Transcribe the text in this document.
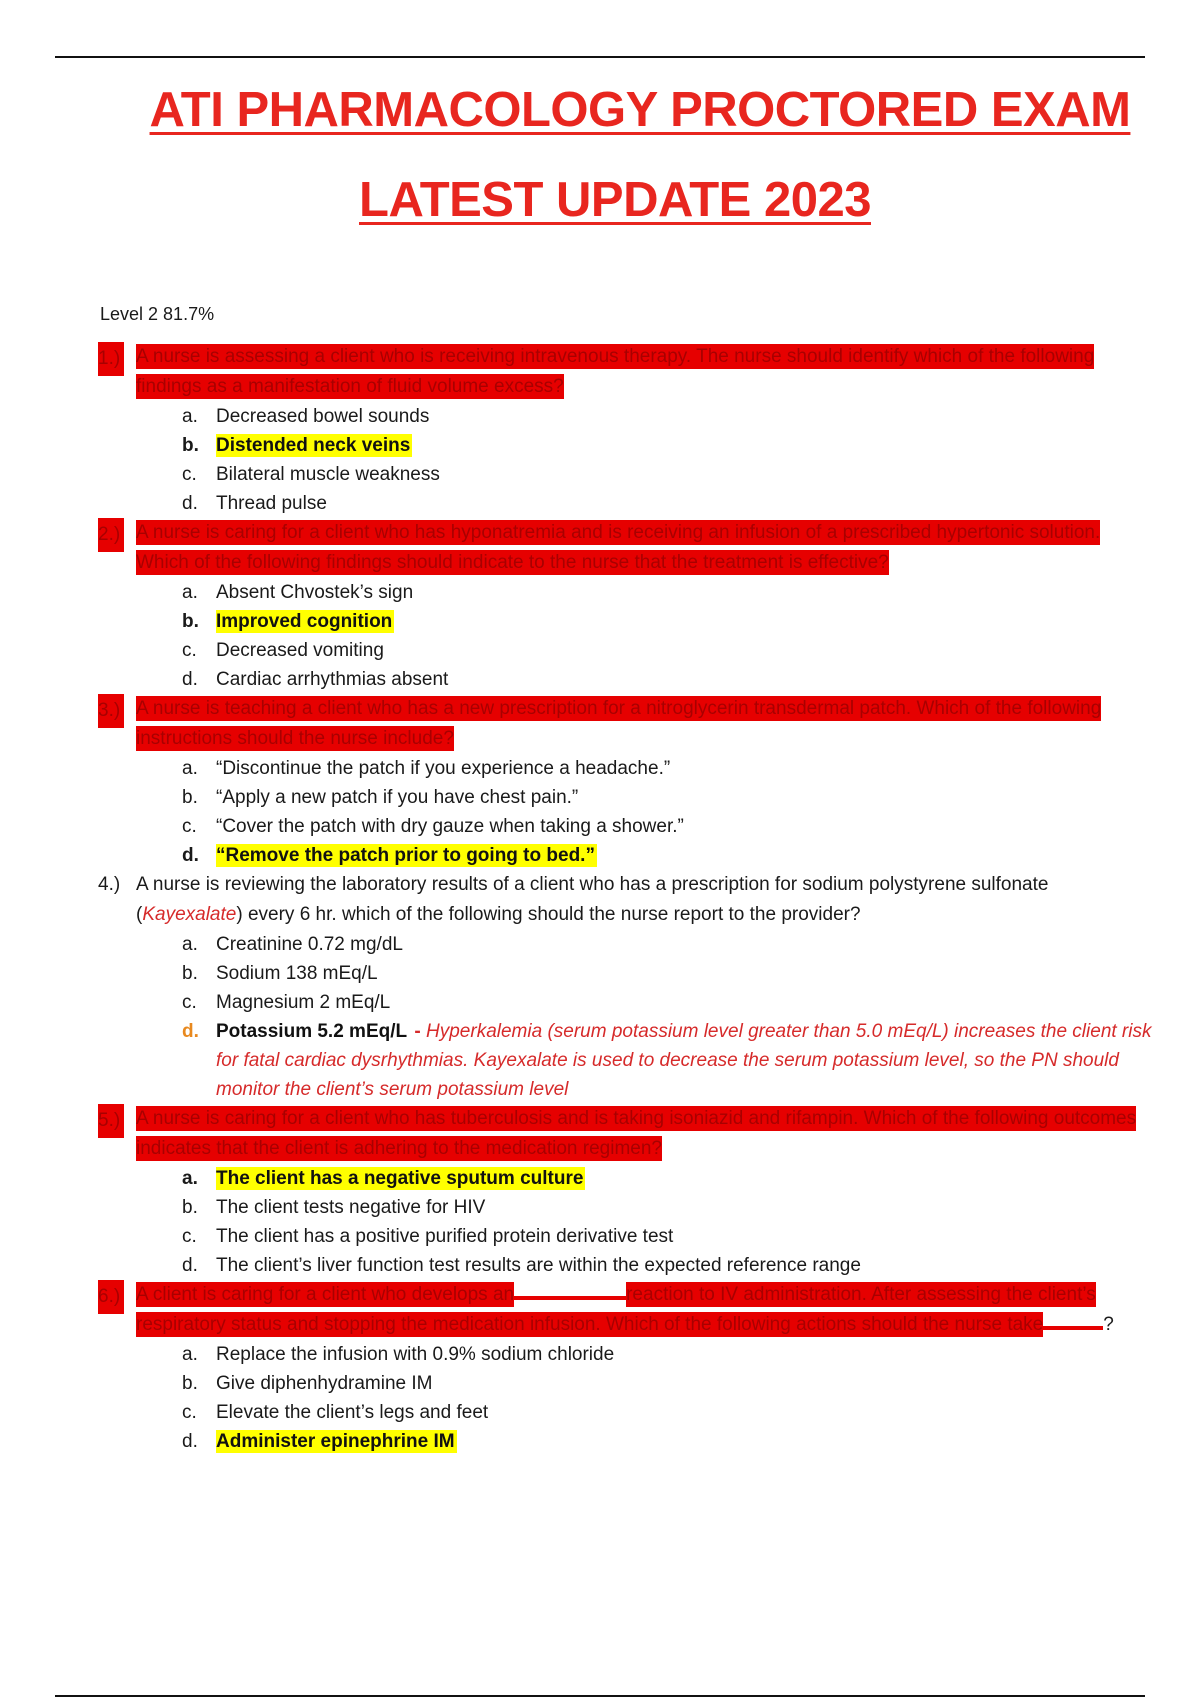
ATI PHARMACOLOGY PROCTORED EXAM
LATEST UPDATE 2023
Level 2 81.7%
1.) A nurse is assessing a client who is receiving intravenous therapy. The nurse should identify which of the following findings as a manifestation of fluid volume excess?
a. Decreased bowel sounds
b. Distended neck veins
c. Bilateral muscle weakness
d. Thread pulse
2.) A nurse is caring for a client who has hyponatremia and is receiving an infusion of a prescribed hypertonic solution. Which of the following findings should indicate to the nurse that the treatment is effective?
a. Absent Chvostek’s sign
b. Improved cognition
c. Decreased vomiting
d. Cardiac arrhythmias absent
3.) A nurse is teaching a client who has a new prescription for a nitroglycerin transdermal patch. Which of the following instructions should the nurse include?
a. “Discontinue the patch if you experience a headache.”
b. “Apply a new patch if you have chest pain.”
c. “Cover the patch with dry gauze when taking a shower.”
d. “Remove the patch prior to going to bed.”
4.) A nurse is reviewing the laboratory results of a client who has a prescription for sodium polystyrene sulfonate (Kayexalate) every 6 hr. which of the following should the nurse report to the provider?
a. Creatinine 0.72 mg/dL
b. Sodium 138 mEq/L
c. Magnesium 2 mEq/L
d. Potassium 5.2 mEq/L - Hyperkalemia (serum potassium level greater than 5.0 mEq/L) increases the client risk for fatal cardiac dysrhythmias. Kayexalate is used to decrease the serum potassium level, so the PN should monitor the client’s serum potassium level
5.) A nurse is caring for a client who has tuberculosis and is taking isoniazid and rifampin. Which of the following outcomes indicates that the client is adhering to the medication regimen?
a. The client has a negative sputum culture
b. The client tests negative for HIV
c. The client has a positive purified protein derivative test
d. The client’s liver function test results are within the expected reference range
6.) A client is caring for a client who develops an	reaction to IV administration. After assessing the client’s respiratory status and stopping the medication infusion. Which of the following actions should the nurse take	?
a. Replace the infusion with 0.9% sodium chloride
b. Give diphenhydramine IM
c. Elevate the client’s legs and feet
d. Administer epinephrine IM
